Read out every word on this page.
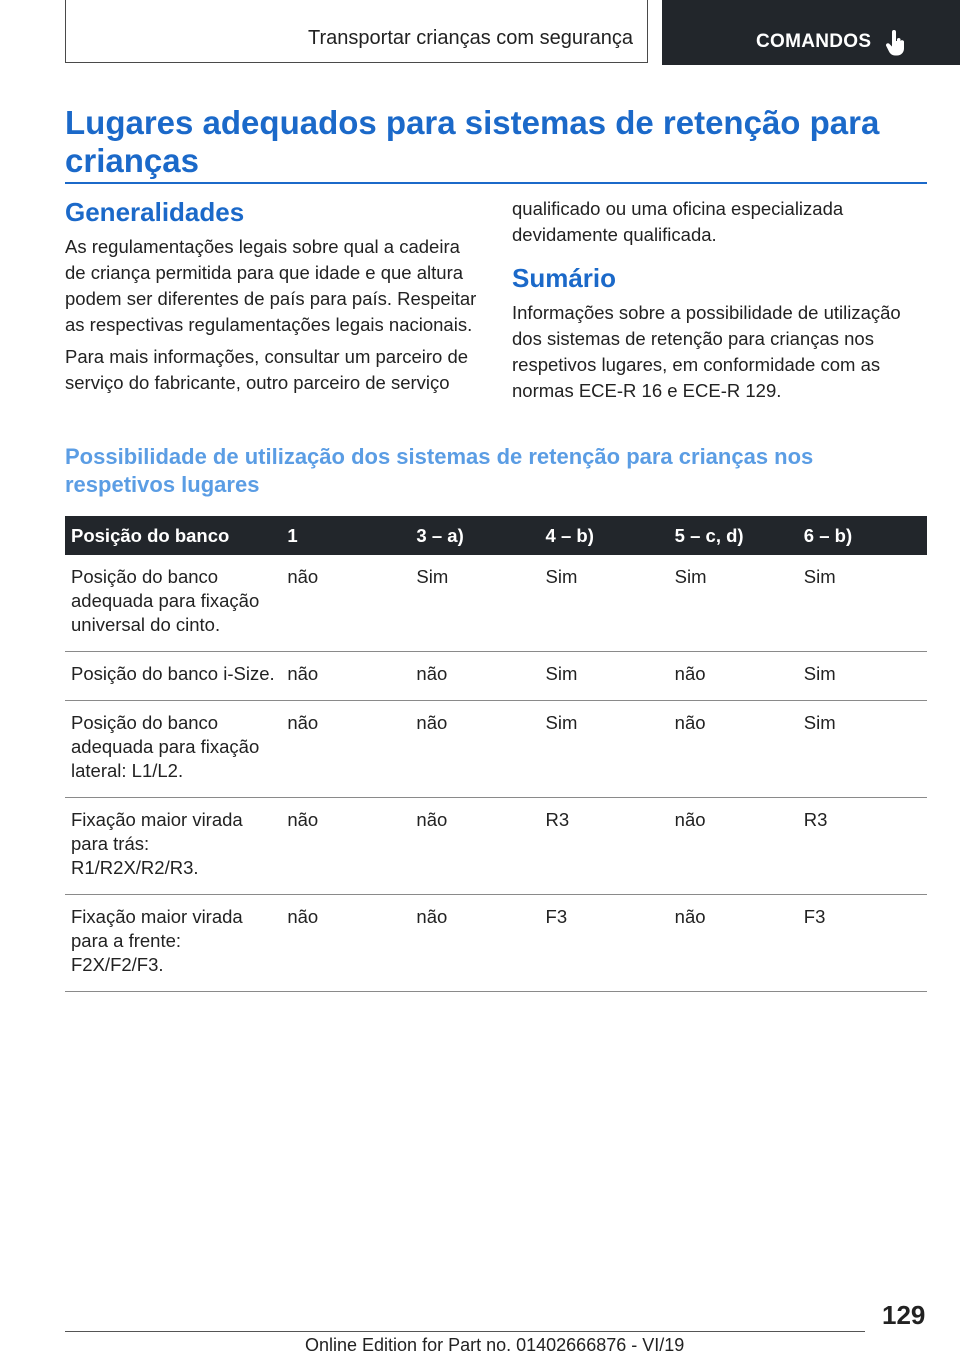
Transportar crianças com segurança	COMANDOS
Lugares adequados para sistemas de retenção para crianças
Generalidades

As regulamentações legais sobre qual a cadeira de criança permitida para que idade e que altura podem ser diferentes de país para país. Respeitar as respectivas regulamentações legais nacionais.

Para mais informações, consultar um parceiro de serviço do fabricante, outro parceiro de serviço

qualificado ou uma oficina especializada devidamente qualificada.

Sumário

Informações sobre a possibilidade de utilização dos sistemas de retenção para crianças nos respetivos lugares, em conformidade com as normas ECE-R 16 e ECE-R 129.

Possibilidade de utilização dos sistemas de retenção para crianças nos respetivos lugares
Posição do banco	1	3 – a)	4 – b)	5 – c, d)	6 – b)
Posição do banco adequada para fixação universal do cinto.	não	Sim	Sim	Sim	Sim
Posição do banco i-Size.	não	não	Sim	não	Sim
Posição do banco adequada para fixação lateral: L1/L2.	não	não	Sim	não	Sim
Fixação maior virada para trás: R1/R2X/R2/R3.	não	não	R3	não	R3
Fixação maior virada para a frente: F2X/F2/F3.	não	não	F3	não	F3
129
Online Edition for Part no. 01402666876 - VI/19
